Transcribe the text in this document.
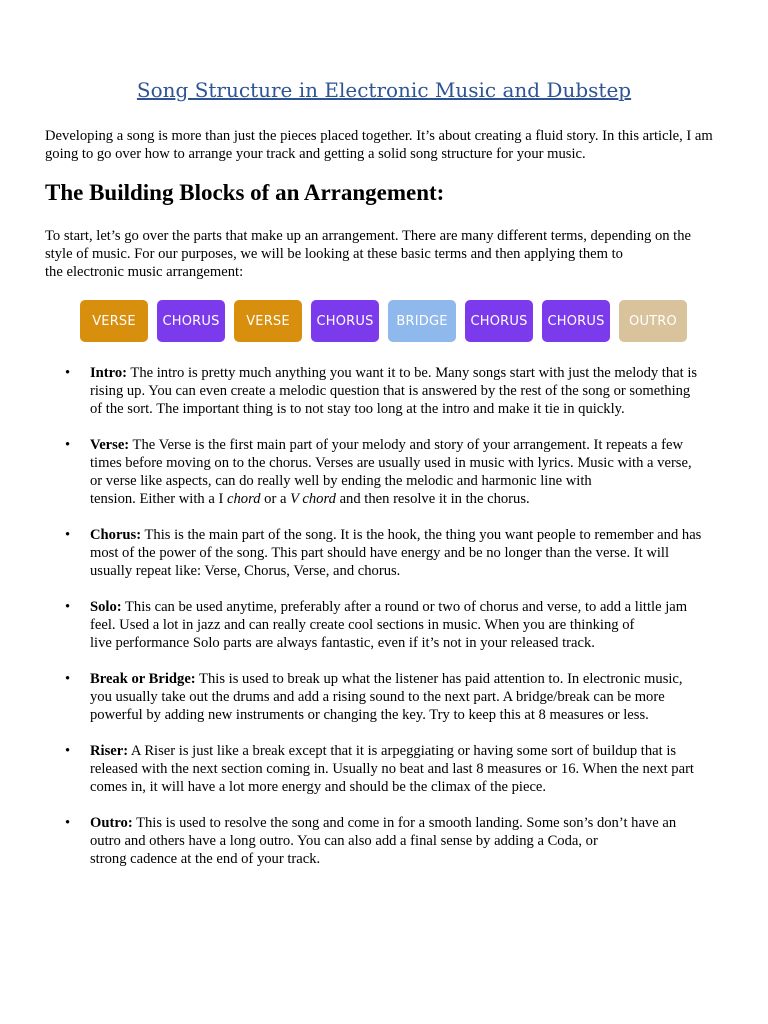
Song Structure in Electronic Music and Dubstep

Developing a song is more than just the pieces placed together. It’s about creating a fluid story. In this article, I am going to go over how to arrange your track and getting a solid song structure for your music.

The Building Blocks of an Arrangement:
To start, let’s go over the parts that make up an arrangement. There are many different terms, depending on the
style of music. For our purposes, we will be looking at these basic terms and then applying them to
the electronic music arrangement:
VERSE	CHORUS	VERSE	CHORUS	BRIDGE	CHORUS	CHORUS	OUTRO
• Intro: The intro is pretty much anything you want it to be. Many songs start with just the melody that is
rising up. You can even create a melodic question that is answered by the rest of the song or something
of the sort. The important thing is to not stay too long at the intro and make it tie in quickly.
• Verse: The Verse is the first main part of your melody and story of your arrangement. It repeats a few
times before moving on to the chorus. Verses are usually used in music with lyrics. Music with a verse,
or verse like aspects, can do really well by ending the melodic and harmonic line with
tension. Either with a I chord or a V chord and then resolve it in the chorus.
• Chorus: This is the main part of the song. It is the hook, the thing you want people to remember and has
most of the power of the song. This part should have energy and be no longer than the verse. It will
usually repeat like: Verse, Chorus, Verse, and chorus.
• Solo: This can be used anytime, preferably after a round or two of chorus and verse, to add a little jam
feel. Used a lot in jazz and can really create cool sections in music. When you are thinking of
live performance Solo parts are always fantastic, even if it’s not in your released track.
• Break or Bridge: This is used to break up what the listener has paid attention to. In electronic music,
you usually take out the drums and add a rising sound to the next part. A bridge/break can be more
powerful by adding new instruments or changing the key. Try to keep this at 8 measures or less.
• Riser: A Riser is just like a break except that it is arpeggiating or having some sort of buildup that is
released with the next section coming in. Usually no beat and last 8 measures or 16. When the next part
comes in, it will have a lot more energy and should be the climax of the piece.
• Outro: This is used to resolve the song and come in for a smooth landing. Some son’s don’t have an
outro and others have a long outro. You can also add a final sense by adding a Coda, or
strong cadence at the end of your track.
